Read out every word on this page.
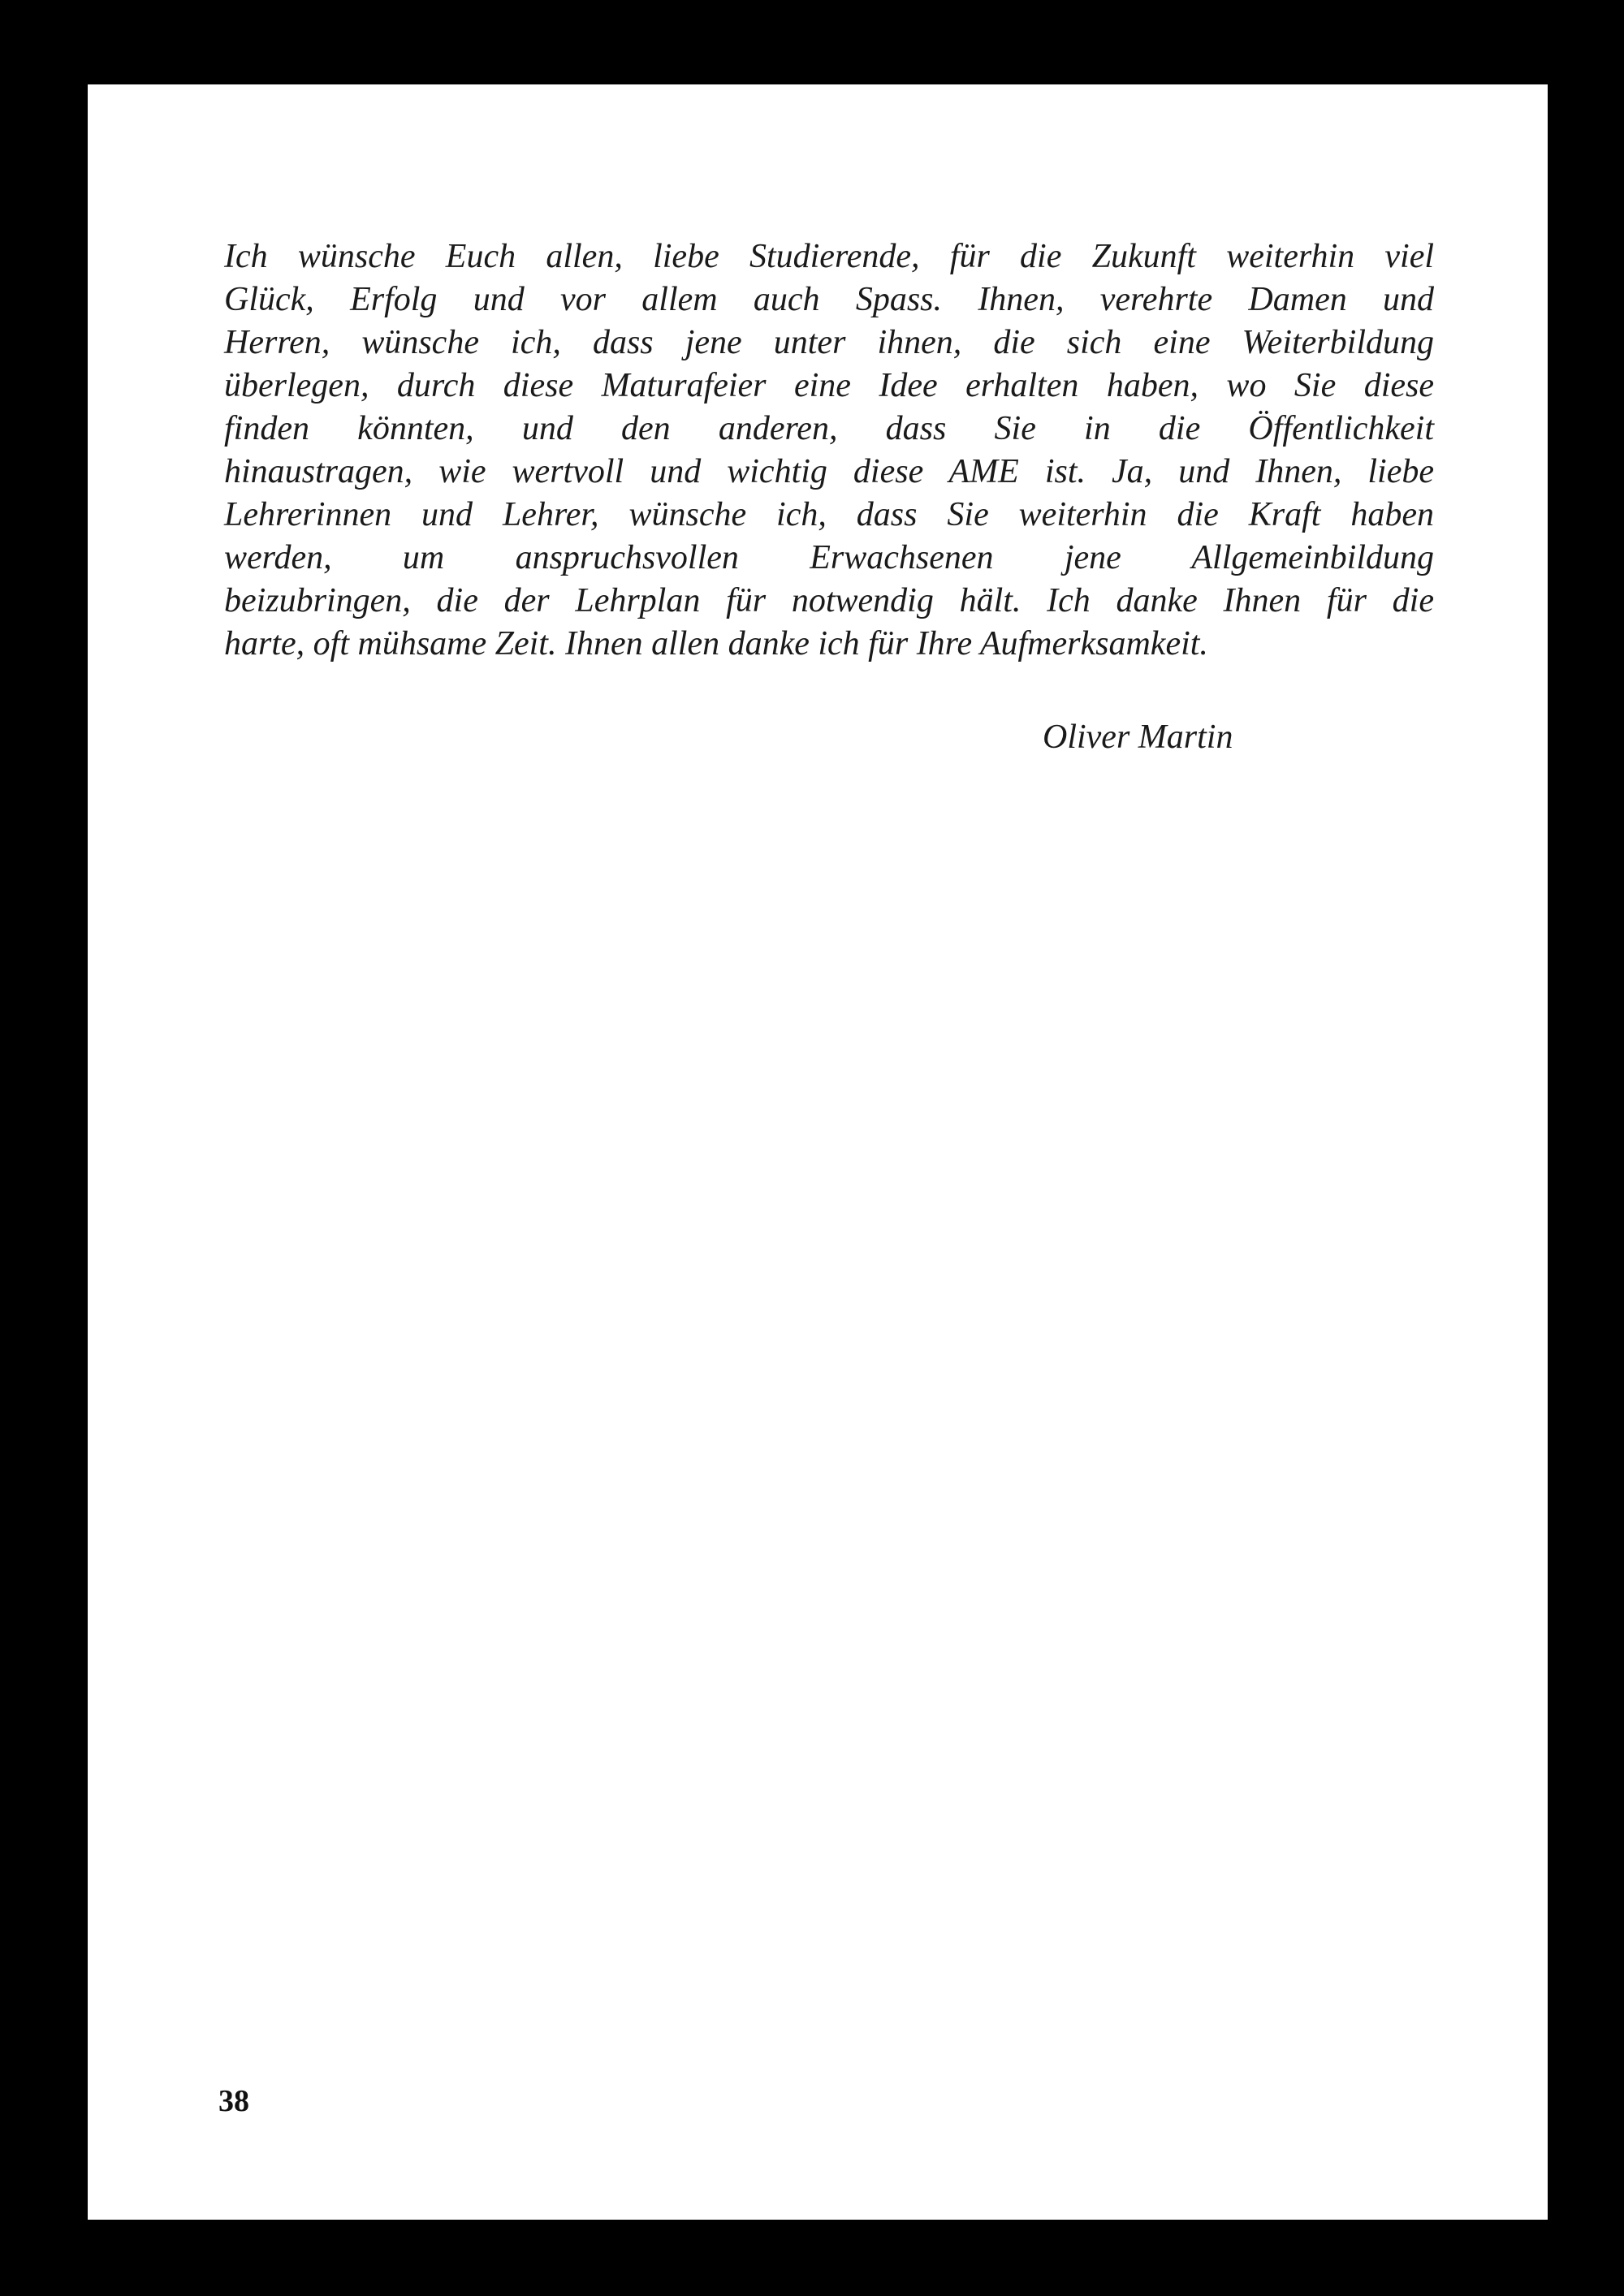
Ich wünsche Euch allen, liebe Studierende, für die Zukunft weiterhin viel
Glück, Erfolg und vor allem auch Spass. Ihnen, verehrte Damen und
Herren, wünsche ich, dass jene unter ihnen, die sich eine Weiterbildung
überlegen, durch diese Maturafeier eine Idee erhalten haben, wo Sie diese
finden könnten, und den anderen, dass Sie in die Öffentlichkeit
hinaustragen, wie wertvoll und wichtig diese AME ist. Ja, und Ihnen, liebe
Lehrerinnen und Lehrer, wünsche ich, dass Sie weiterhin die Kraft haben
werden, um anspruchsvollen Erwachsenen jene Allgemeinbildung
beizubringen, die der Lehrplan für notwendig hält. Ich danke Ihnen für die
harte, oft mühsame Zeit. Ihnen allen danke ich für Ihre Aufmerksamkeit.
Oliver Martin
38
